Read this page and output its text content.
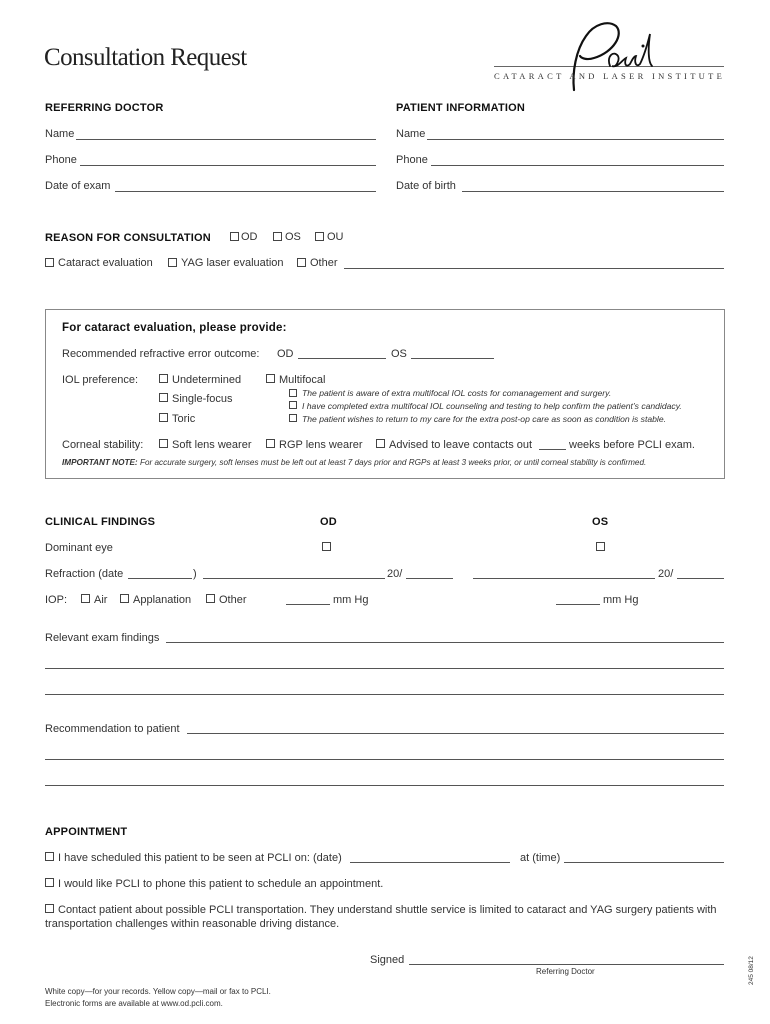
Consultation Request
CATARACT AND LASER INSTITUTE
REFERRING DOCTOR	PATIENT INFORMATION
Name	Name
Phone	Phone
Date of exam	Date of birth
REASON FOR CONSULTATION	OD	OS OU
Cataract evaluation	YAG laser evaluation Other
For cataract evaluation, please provide:
Recommended refractive error outcome: OD	OS
IOL preference:	Undetermined
Single-focus
Toric
Multifocal
The patient is aware of extra multifocal IOL costs for comanagement and surgery.
I have completed extra multifocal IOL counseling and testing to help confirm the patient’s candidacy.
The patient wishes to return to my care for the extra post-op care as soon as condition is stable.
Corneal stability:	Soft lens wearer	RGP lens wearer Advised to leave contacts out	weeks before PCLI exam.
IMPORTANT NOTE: For accurate surgery, soft lenses must be left out at least 7 days prior and RGPs at least 3 weeks prior, or until corneal stability is confirmed.
CLINICAL FINDINGS	OD	OS
Dominant eye
Refraction (date	)	20/	20/
IOP: Air Applanation	Other	mm Hg	mm Hg
Relevant exam findings
Recommendation to patient
APPOINTMENT
I have scheduled this patient to be seen at PCLI on: (date)	at (time)
I would like PCLI to phone this patient to schedule an appointment.
Contact patient about possible PCLI transportation. They understand shuttle service is limited to cataract and YAG surgery patients with
transportation challenges within reasonable driving distance.
Signed
Referring Doctor
White copy—for your records. Yellow copy—mail or fax to PCLI.
Electronic forms are available at www.od.pcli.com.
245 08/12
